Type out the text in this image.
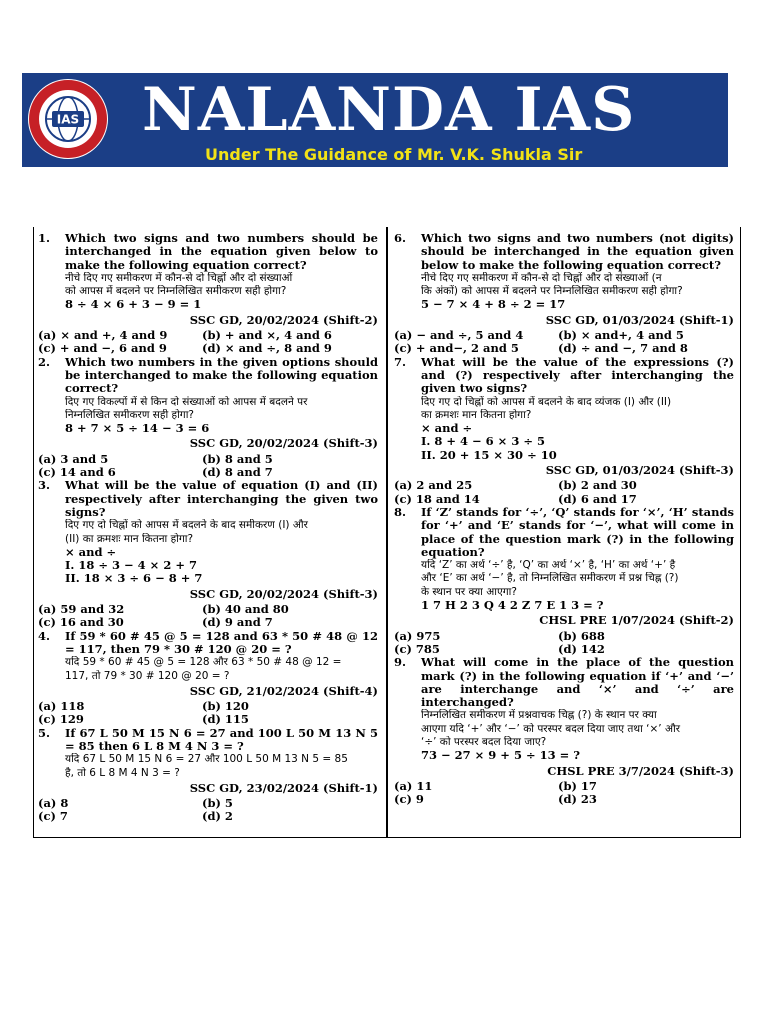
IAS NALANDA IAS
Under The Guidance of Mr. V.K. Shukla Sir
1. Which two signs and two numbers should be interchanged in the equation given below to make the following equation correct?
नीचे दिए गए समीकरण में कौन-से दो चिह्नों और दो संख्याओं
को आपस में बदलने पर निम्नलिखित समीकरण सही होगा?
8 ÷ 4 × 6 + 3 − 9 = 1
SSC GD, 20/02/2024 (Shift-2)
(a) × and +, 4 and 9	(b) + and ×, 4 and 6
(c) + and −, 6 and 9	(d) × and ÷, 8 and 9
2. Which two numbers in the given options should be interchanged to make the following equation correct?
दिए गए विकल्पों में से किन दो संख्याओं को आपस में बदलने पर
निम्नलिखित समीकरण सही होगा?
8 + 7 × 5 ÷ 14 − 3 = 6
SSC GD, 20/02/2024 (Shift-3)
(a) 3 and 5	(b) 8 and 5
(c) 14 and 6	(d) 8 and 7
3. What will be the value of equation (I) and (II) respectively after interchanging the given two signs?
दिए गए दो चिह्नों को आपस में बदलने के बाद समीकरण (I) और
(II) का क्रमशः मान कितना होगा?
× and ÷
I. 18 ÷ 3 − 4 × 2 + 7
II. 18 × 3 ÷ 6 − 8 + 7
SSC GD, 20/02/2024 (Shift-3)
(a) 59 and 32	(b) 40 and 80
(c) 16 and 30	(d) 9 and 7
4. If 59 * 60 # 45 @ 5 = 128 and 63 * 50 # 48 @ 12 = 117, then 79 * 30 # 120 @ 20 = ?
यदि 59 * 60 # 45 @ 5 = 128 और 63 * 50 # 48 @ 12 =
117, तो 79 * 30 # 120 @ 20 = ?
SSC GD, 21/02/2024 (Shift-4)
(a) 118	(b) 120
(c) 129	(d) 115
5. If 67 L 50 M 15 N 6 = 27 and 100 L 50 M 13 N 5 = 85 then 6 L 8 M 4 N 3 = ?
यदि 67 L 50 M 15 N 6 = 27 और 100 L 50 M 13 N 5 = 85
है, तो 6 L 8 M 4 N 3 = ?
SSC GD, 23/02/2024 (Shift-1)
(a) 8	(b) 5
(c) 7	(d) 2
6. Which two signs and two numbers (not digits) should be interchanged in the equation given below to make the following equation correct?
नीचे दिए गए समीकरण में कौन-से दो चिह्नों और दो संख्याओं (न
कि अंकों) को आपस में बदलने पर निम्नलिखित समीकरण सही होगा?
5 − 7 × 4 + 8 ÷ 2 = 17
SSC GD, 01/03/2024 (Shift-1)
(a) − and ÷, 5 and 4	(b) × and+, 4 and 5
(c) + and−, 2 and 5	(d) ÷ and −, 7 and 8
7. What will be the value of the expressions (?) and (?) respectively after interchanging the given two signs?
दिए गए दो चिह्नों को आपस में बदलने के बाद व्यंजक (I) और (II)
का क्रमशः मान कितना होगा?
× and ÷
I. 8 + 4 − 6 × 3 ÷ 5
II. 20 + 15 × 30 ÷ 10
SSC GD, 01/03/2024 (Shift-3)
(a) 2 and 25	(b) 2 and 30
(c) 18 and 14	(d) 6 and 17
8. If ‘Z’ stands for ‘÷’, ‘Q’ stands for ‘×’, ‘H’ stands for ‘+’ and ‘E’ stands for ‘−’, what will come in place of the question mark (?) in the following equation?
यदि ‘Z’ का अर्थ ‘÷’ है, ‘Q’ का अर्थ ‘×’ है, ‘H’ का अर्थ ‘+’ है
और ‘E’ का अर्थ ‘−’ है, तो निम्नलिखित समीकरण में प्रश्न चिह्न (?)
के स्थान पर क्या आएगा?
1 7 H 2 3 Q 4 2 Z 7 E 1 3 = ?
CHSL PRE 1/07/2024 (Shift-2)
(a) 975	(b) 688
(c) 785	(d) 142
9. What will come in the place of the question mark (?) in the following equation if ‘+’ and ‘−’ are interchange and ‘×’ and ‘÷’ are interchanged?
निम्नलिखित समीकरण में प्रश्नवाचक चिह्न (?) के स्थान पर क्या
आएगा यदि ‘+’ और ‘−’ को परस्पर बदल दिया जाए तथा ‘×’ और
‘÷’ को परस्पर बदल दिया जाए?
73 − 27 × 9 + 5 ÷ 13 = ?
CHSL PRE 3/7/2024 (Shift-3)
(a) 11	(b) 17
(c) 9	(d) 23
